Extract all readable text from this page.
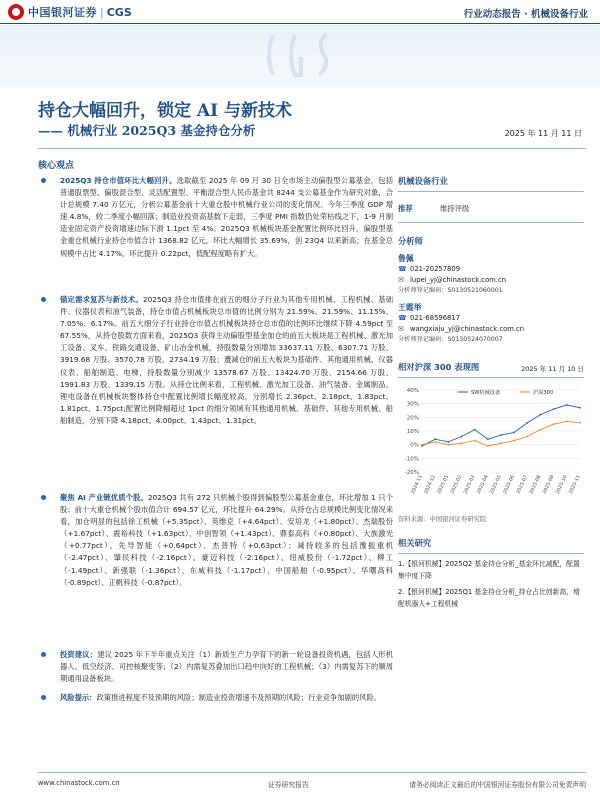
中国银河证券 | CGS	行业动态报告 · 机械设备行业
持仓大幅回升，锁定 AI 与新技术
—— 机械行业 2025Q3 基金持仓分析	2025 年 11 月 11 日
核心观点
2025Q3 持仓市值环比大幅回升。选取截至 2025 年 09 月 30 日全市场主动偏股型公募基金，包括普通股票型、偏股混合型、灵活配置型、平衡混合型人民币基金共 8244 支公募基金作为研究对象，合计总规模 7.40 万亿元，分析公募基金前十大重仓股中机械行业公司的变化情况。今年三季度 GDP 增速 4.8%，较二季度小幅回落；制造业投资高基数下走弱，三季度 PMI 指数仍处荣枯线之下，1-9 月制造业固定资产投资增速边际下滑 1.1pct 至 4%。2025Q3 机械板块基金配置比例环比回升，偏股型基金重仓机械行业持仓市值合计 1368.82 亿元，环比大幅增长 35.69%，创 23Q4 以来新高；在基金总规模中占比 4.17%，环比提升 0.22pct，低配程度略有扩大。
锚定需求复苏与新技术。2025Q3 持仓市值排在前五的细分子行业为其他专用机械、工程机械、基础件、仪器仪表和油气装备，持仓市值占机械板块总市值的比例分别为 21.59%、21.59%、11.15%、7.05%、6.17%。前五大细分子行业持仓市值占机械板块持仓总市值的比例环比继续下降 4.59pct 至 67.55%，从持仓股数方面来看，2025Q3 获得主动偏股型基金加仓的前五大板块是工程机械、激光加工设备、叉车、铁路交通设备、矿山冶金机械，持股数量分别增加 33637.11 万股、6307.71 万股、3919.68 万股、3570.78 万股、2734.19 万股；遭减仓的前五大板块为基础件、其他通用机械、仪器仪表、船舶制造、电梯，持股数量分别减少 13578.67 万股、13424.70 万股、2154.66 万股、1991.83 万股、1339.15 万股。从持仓比例来看，工程机械、激光加工设备、油气装备、金属制品、锂电设备在机械板块整体持仓中配置比例增长幅度较高，分别增长 2.36pct、2.18pct、1.83pct、1.81pct、1.75pct;配置比例降幅超过 1pct 的细分领域有其他通用机械、基础件、其他专用机械、船舶制造，分别下降 4.18pct、4.00pct、1.43pct、1.31pct。
聚焦 AI 产业链优质个股。2025Q3 共有 272 只机械个股得到偏股型公募基金重仓，环比增加 1 只个股；前十大重仓机械个股市值合计 694.57 亿元，环比提升 64.29%。从持仓占总规模比例变化情况来看，加仓明显的包括徐工机械（+5.35pct）、英维克（+4.64pct）、安培龙（+1.80pct）、杰瑞股份（+1.67pct）、震裕科技（+1.63pct）、中创智领（+1.43pct）、鼎泰高科（+0.80pct）、大族激光（+0.77pct）、先导智能（+0.64pct）、杰普特（+0.63pct）；减持较多的包括豫振重机（-2.47pct）、肇民科技（-2.16pct）、豪迈科技（-2.16pct）、纽威股份（-1.72pct）、柳工（-1.49pct）、新强联（-1.36pct）、东威科技（-1.17pct）、中国船舶（-0.95pct）、华曙高科（-0.89pct）、正帆科技（-0.87pct）。
投资建议：建议 2025 年下半年重点关注（1）新质生产力孕育下的新一轮设备投资机遇，包括人形机器人、低空经济、可控核聚变等；（2）内需复苏叠加出口趋中向好的工程机械；（3）内需复苏下的顺周期通用设备板块。
风险提示：政策推进程度不及预期的风险；制造业投资增速不及预期的风险；行业竞争加剧的风险。
机械设备行业
推荐	维持评级
分析师
鲁佩
☎ 021-20257809
✉ lupei_yj@chinastock.com.cn
分析师登记编码：S0130521060001
王霞举
☎ 021-68596817
✉ wangxiaju_yj@chinastock.com.cn
分析师登记编码：S0130524070007
相对沪深 300 表现图	2025 年 11 月 10 日
40%
30%
20%
10%
0%
-10%
-20%
2024-11 2024-12 2025-01 2025-02 2025-03 2025-04 2025-05 2025-06 2025-07 2025-08 2025-09 2025-10 2025-11
SW机械设备	沪深300
资料来源：中国银河证券研究院
相关研究
1.【银河机械】2025Q2 基金持仓分析_基金环比减配，配置集中度下降
2.【银河机械】2025Q1 基金持仓分析_持仓占比创新高，增配机器人+工程机械
www.chinastock.com.cn	证券研究报告	请务必阅读正文最后的中国银河证券股份有限公司免责声明
